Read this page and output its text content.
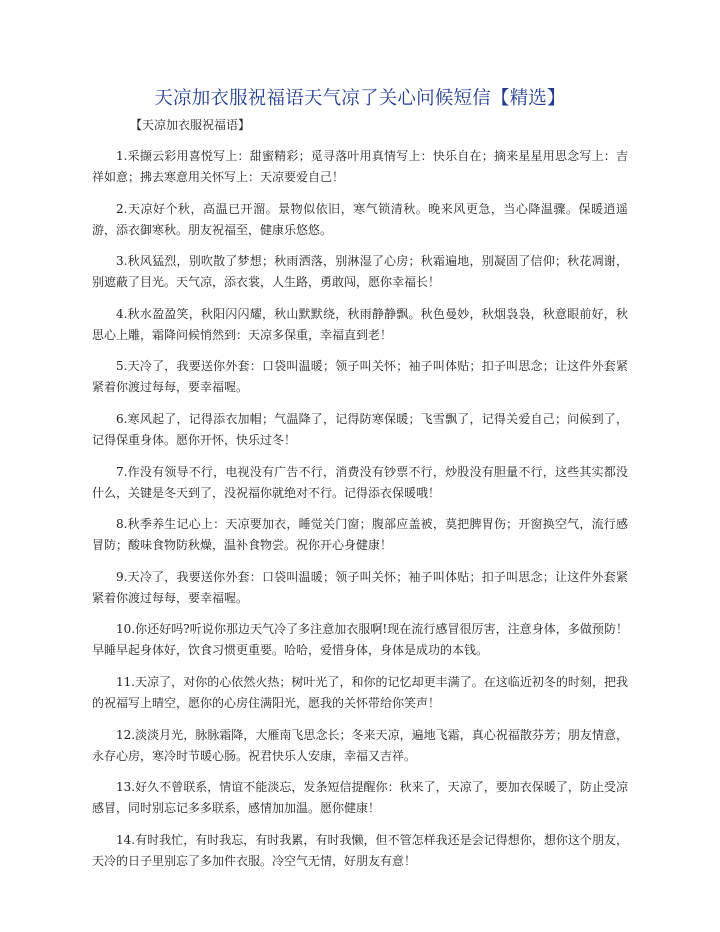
天凉加衣服祝福语天气凉了关心问候短信【精选】
【天凉加衣服祝福语】
1.采撷云彩用喜悦写上：甜蜜精彩；觅寻落叶用真情写上：快乐自在；摘来星星用思念写上：吉祥如意；拂去寒意用关怀写上：天凉要爱自己！
2.天凉好个秋，高温已开溜。景物似依旧，寒气锁清秋。晚来风更急，当心降温骤。保暖逍遥游，添衣御寒秋。朋友祝福至，健康乐悠悠。
3.秋风猛烈，别吹散了梦想；秋雨洒落，别淋湿了心房；秋霜遍地，别凝固了信仰；秋花凋谢，别遮蔽了目光。天气凉，添衣裳，人生路，勇敢闯，愿你幸福长！
4.秋水盈盈笑，秋阳闪闪耀，秋山默默绕，秋雨静静飘。秋色曼妙，秋烟袅袅，秋意眼前好，秋思心上雕，霜降问候悄然到：天凉多保重，幸福直到老！
5.天冷了，我要送你外套：口袋叫温暖；领子叫关怀；袖子叫体贴；扣子叫思念；让这件外套紧紧着你渡过每每，要幸福喔。
6.寒风起了，记得添衣加帽；气温降了，记得防寒保暖；飞雪飘了，记得关爱自己；问候到了，记得保重身体。愿你开怀，快乐过冬！
7.作没有领导不行，电视没有广告不行，消费没有钞票不行，炒股没有胆量不行，这些其实都没什么，关键是冬天到了，没祝福你就绝对不行。记得添衣保暖哦！
8.秋季养生记心上：天凉要加衣，睡觉关门窗；腹部应盖被，莫把脾胃伤；开窗换空气，流行感冒防；酸味食物防秋燥，温补食物尝。祝你开心身健康！
9.天冷了，我要送你外套：口袋叫温暖；领子叫关怀；袖子叫体贴；扣子叫思念；让这件外套紧紧着你渡过每每，要幸福喔。
10.你还好吗?听说你那边天气冷了多注意加衣服啊!现在流行感冒很厉害，注意身体，多做预防！早睡早起身体好，饮食习惯更重要。哈哈，爱惜身体，身体是成功的本钱。
11.天凉了，对你的心依然火热；树叶光了，和你的记忆却更丰满了。在这临近初冬的时刻，把我的祝福写上晴空，愿你的心房住满阳光，愿我的关怀带给你笑声！
12.淡淡月光，脉脉霜降，大雁南飞思念长；冬来天凉，遍地飞霜，真心祝福散芬芳；朋友情意，永存心房，寒冷时节暖心肠。祝君快乐人安康，幸福又吉祥。
13.好久不曾联系，情谊不能淡忘，发条短信提醒你：秋来了，天凉了，要加衣保暖了，防止受凉感冒，同时别忘记多多联系，感情加加温。愿你健康！
14.有时我忙，有时我忘，有时我累，有时我懒，但不管怎样我还是会记得想你，想你这个朋友，天冷的日子里别忘了多加件衣服。冷空气无情，好朋友有意！
